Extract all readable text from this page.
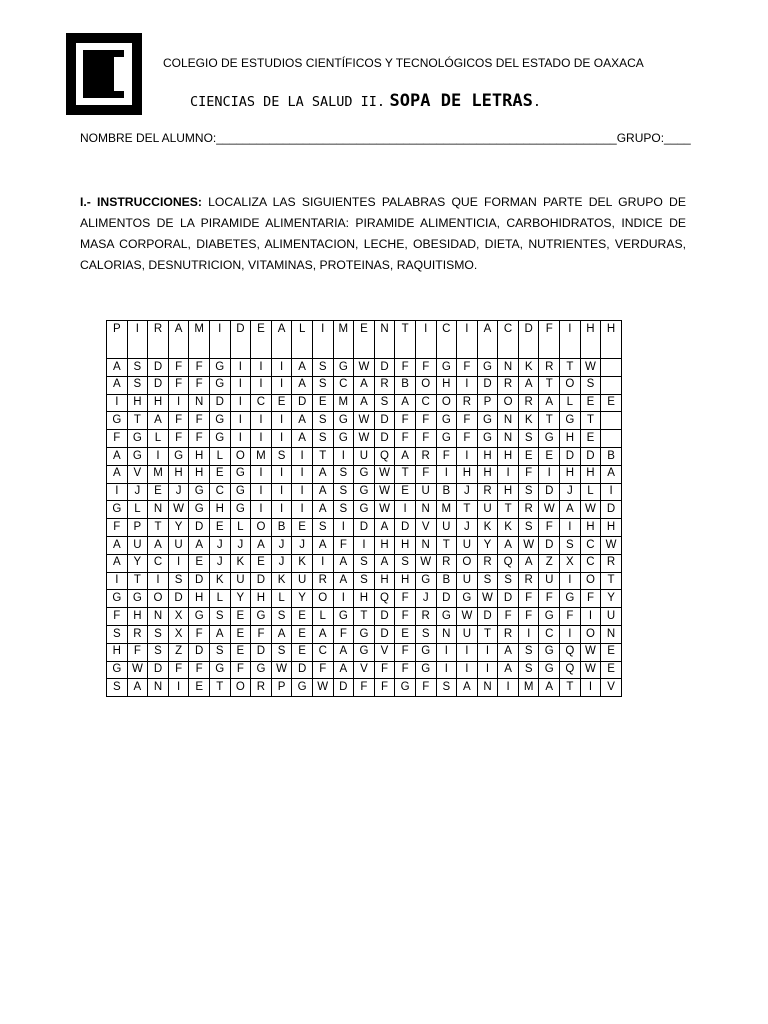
COLEGIO DE ESTUDIOS CIENTÍFICOS Y TECNOLÓGICOS DEL ESTADO DE OAXACA
CIENCIAS DE LA SALUD II. SOPA DE LETRAS.
NOMBRE DEL ALUMNO:____________________________________________________________GRUPO:____
I.- INSTRUCCIONES: LOCALIZA LAS SIGUIENTES PALABRAS QUE FORMAN PARTE DEL GRUPO DE ALIMENTOS DE LA PIRAMIDE ALIMENTARIA: PIRAMIDE ALIMENTICIA, CARBOHIDRATOS, INDICE DE MASA CORPORAL, DIABETES, ALIMENTACION, LECHE, OBESIDAD, DIETA, NUTRIENTES, VERDURAS, CALORIAS, DESNUTRICION, VITAMINAS, PROTEINAS, RAQUITISMO.
P	I	R	A	M	I	D	E	A	L	I	M	E	N	T	I	C	I	A	C	D	F	I	H	H
A	S	D	F	F	G	I	I	I	A	S	G	W	D	F	F	G	F	G	N	K	R	T	W	
A	S	D	F	F	G	I	I	I	A	S	C	A	R	B	O	H	I	D	R	A	T	O	S	
I	H	H	I	N	D	I	C	E	D	E	M	A	S	A	C	O	R	P	O	R	A	L	E	E
G	T	A	F	F	G	I	I	I	A	S	G	W	D	F	F	G	F	G	N	K	T	G	T	
F	G	L	F	F	G	I	I	I	A	S	G	W	D	F	F	G	F	G	N	S	G	H	E	
A	G	I	G	H	L	O	M	S	I	T	I	U	Q	A	R	F	I	H	H	E	E	D	D	B
A	V	M	H	H	E	G	I	I	I	A	S	G	W	T	F	I	H	H	I	F	I	H	H	A
I	J	E	J	G	C	G	I	I	I	A	S	G	W	E	U	B	J	R	H	S	D	J	L	I
G	L	N	W	G	H	G	I	I	I	A	S	G	W	I	N	M	T	U	T	R	W	A	W	D
F	P	T	Y	D	E	L	O	B	E	S	I	D	A	D	V	U	J	K	K	S	F	I	H	H
A	U	A	U	A	J	J	A	J	J	A	F	I	H	H	N	T	U	Y	A	W	D	S	C	W
A	Y	C	I	E	J	K	E	J	K	I	A	S	A	S	W	R	O	R	Q	A	Z	X	C	R
I	T	I	S	D	K	U	D	K	U	R	A	S	H	H	G	B	U	S	S	R	U	I	O	T
G	G	O	D	H	L	Y	H	L	Y	O	I	H	Q	F	J	D	G	W	D	F	F	G	F	Y
F	H	N	X	G	S	E	G	S	E	L	G	T	D	F	R	G	W	D	F	F	G	F	I	U
S	R	S	X	F	A	E	F	A	E	A	F	G	D	E	S	N	U	T	R	I	C	I	O	N
H	F	S	Z	D	S	E	D	S	E	C	A	G	V	F	G	I	I	I	A	S	G	Q	W	E
G	W	D	F	F	G	F	G	W	D	F	A	V	F	F	G	I	I	I	A	S	G	Q	W	E
S	A	N	I	E	T	O	R	P	G	W	D	F	F	G	F	S	A	N	I	M	A	T	I	V
